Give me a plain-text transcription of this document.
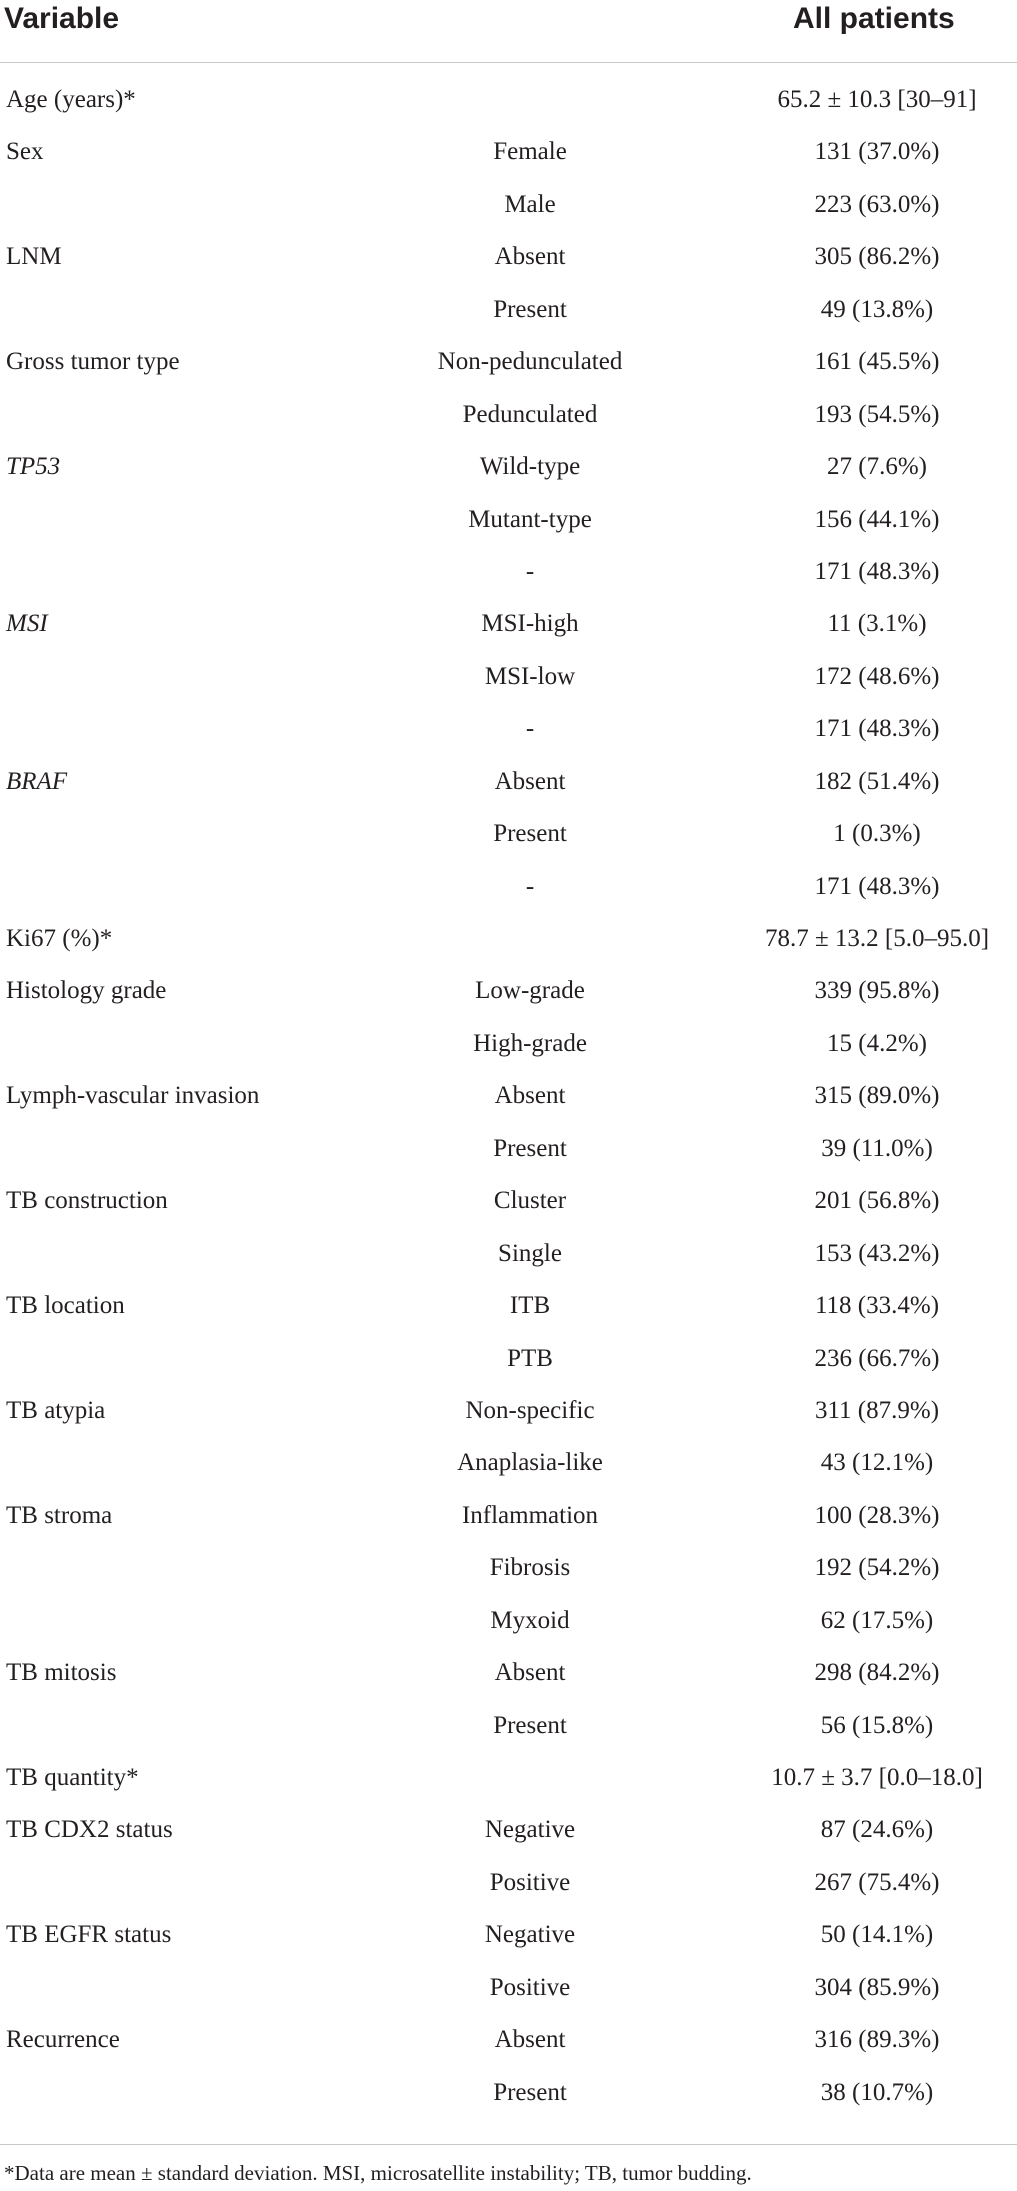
Variable	All patients
Age (years)*	65.2 ± 10.3 [30–91]
Sex	Female	131 (37.0%)
Male	223 (63.0%)
LNM	Absent	305 (86.2%)
Present	49 (13.8%)
Gross tumor type	Non-pedunculated	161 (45.5%)
Pedunculated	193 (54.5%)
TP53	Wild-type	27 (7.6%)
Mutant-type	156 (44.1%)
-	171 (48.3%)
MSI	MSI-high	11 (3.1%)
MSI-low	172 (48.6%)
-	171 (48.3%)
BRAF	Absent	182 (51.4%)
Present	1 (0.3%)
-	171 (48.3%)
Ki67 (%)*	78.7 ± 13.2 [5.0–95.0]
Histology grade	Low-grade	339 (95.8%)
High-grade	15 (4.2%)
Lymph-vascular invasion	Absent	315 (89.0%)
Present	39 (11.0%)
TB construction	Cluster	201 (56.8%)
Single	153 (43.2%)
TB location	ITB	118 (33.4%)
PTB	236 (66.7%)
TB atypia	Non-specific	311 (87.9%)
Anaplasia-like	43 (12.1%)
TB stroma	Inflammation	100 (28.3%)
Fibrosis	192 (54.2%)
Myxoid	62 (17.5%)
TB mitosis	Absent	298 (84.2%)
Present	56 (15.8%)
TB quantity*	10.7 ± 3.7 [0.0–18.0]
TB CDX2 status	Negative	87 (24.6%)
Positive	267 (75.4%)
TB EGFR status	Negative	50 (14.1%)
Positive	304 (85.9%)
Recurrence	Absent	316 (89.3%)
Present	38 (10.7%)
*Data are mean ± standard deviation. MSI, microsatellite instability; TB, tumor budding.
